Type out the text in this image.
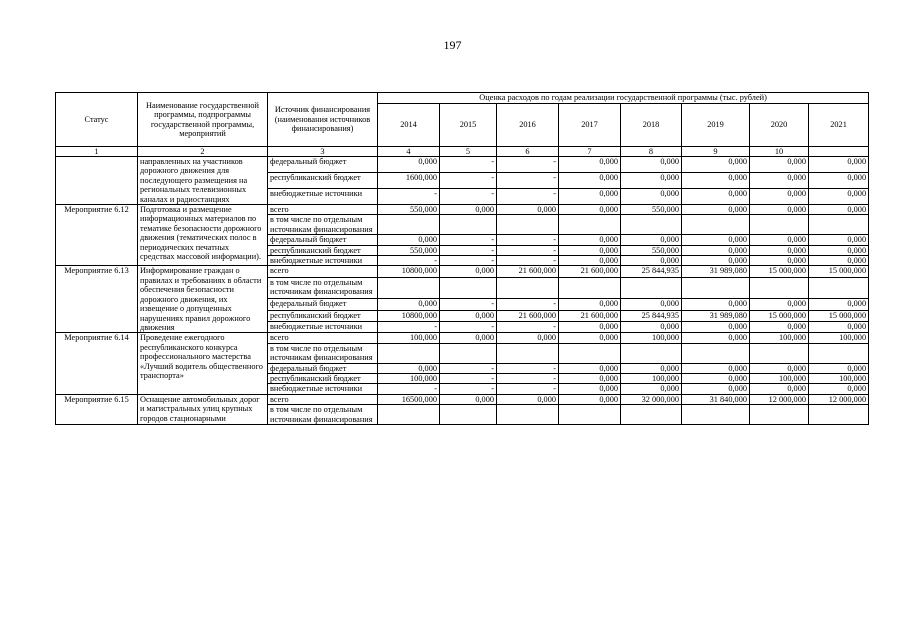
197
Статус	Наименование государственной программы, подпрограммы государственной программы, мероприятий	Источник финансирования (наименования источников финансирования)	Оценка расходов по годам реализации государственной программы (тыс. рублей)							
			2014	2015	2016	2017	2018	2019	2020	2021
1	2	3	4	5	6	7	8	9	10	
	направленных на участников дорожного движения для последующего размещения на региональных телевизионных каналах и радиостанциях	федеральный бюджет	0,000	-	-	0,000	0,000	0,000	0,000	0,000
		республиканский бюджет	1600,000	-	-	0,000	0,000	0,000	0,000	0,000
		внебюджетные источники	-	-	-	0,000	0,000	0,000	0,000	0,000
Мероприятие 6.12	Подготовка и размещение информационных материалов по тематике безопасности дорожного движения (тематических полос в периодических печатных средствах массовой информации).	всего	550,000	0,000	0,000	0,000	550,000	0,000	0,000	0,000
		в том числе по отдельным источникам финансирования								
		федеральный бюджет	0,000	-	-	0,000	0,000	0,000	0,000	0,000
		республиканский бюджет	550,000	-	-	0,000	550,000	0,000	0,000	0,000
		внебюджетные источники	-	-	-	0,000	0,000	0,000	0,000	0,000
Мероприятие 6.13	Информирование граждан о правилах и требованиях в области обеспечения безопасности дорожного движения, их извещение о допущенных нарушениях правил дорожного движения	всего	10800,000	0,000	21 600,000	21 600,000	25 844,935	31 989,080	15 000,000	15 000,000
		в том числе по отдельным источникам финансирования								
		федеральный бюджет	0,000	-	-	0,000	0,000	0,000	0,000	0,000
		республиканский бюджет	10800,000	0,000	21 600,000	21 600,000	25 844,935	31 989,080	15 000,000	15 000,000
		внебюджетные источники	-	-	-	0,000	0,000	0,000	0,000	0,000
Мероприятие 6.14	Проведение ежегодного республиканского конкурса профессионального мастерства «Лучший водитель общественного транспорта»	всего	100,000	0,000	0,000	0,000	100,000	0,000	100,000	100,000
		в том числе по отдельным источникам финансирования								
		федеральный бюджет	0,000	-	-	0,000	0,000	0,000	0,000	0,000
		республиканский бюджет	100,000	-	-	0,000	100,000	0,000	100,000	100,000
		внебюджетные источники	-	-	-	0,000	0,000	0,000	0,000	0,000
Мероприятие 6.15	Оснащение автомобильных дорог и магистральных улиц крупных городов стационарными	всего	16500,000	0,000	0,000	0,000	32 000,000	31 840,000	12 000,000	12 000,000
		в том числе по отдельным источникам финансирования								
